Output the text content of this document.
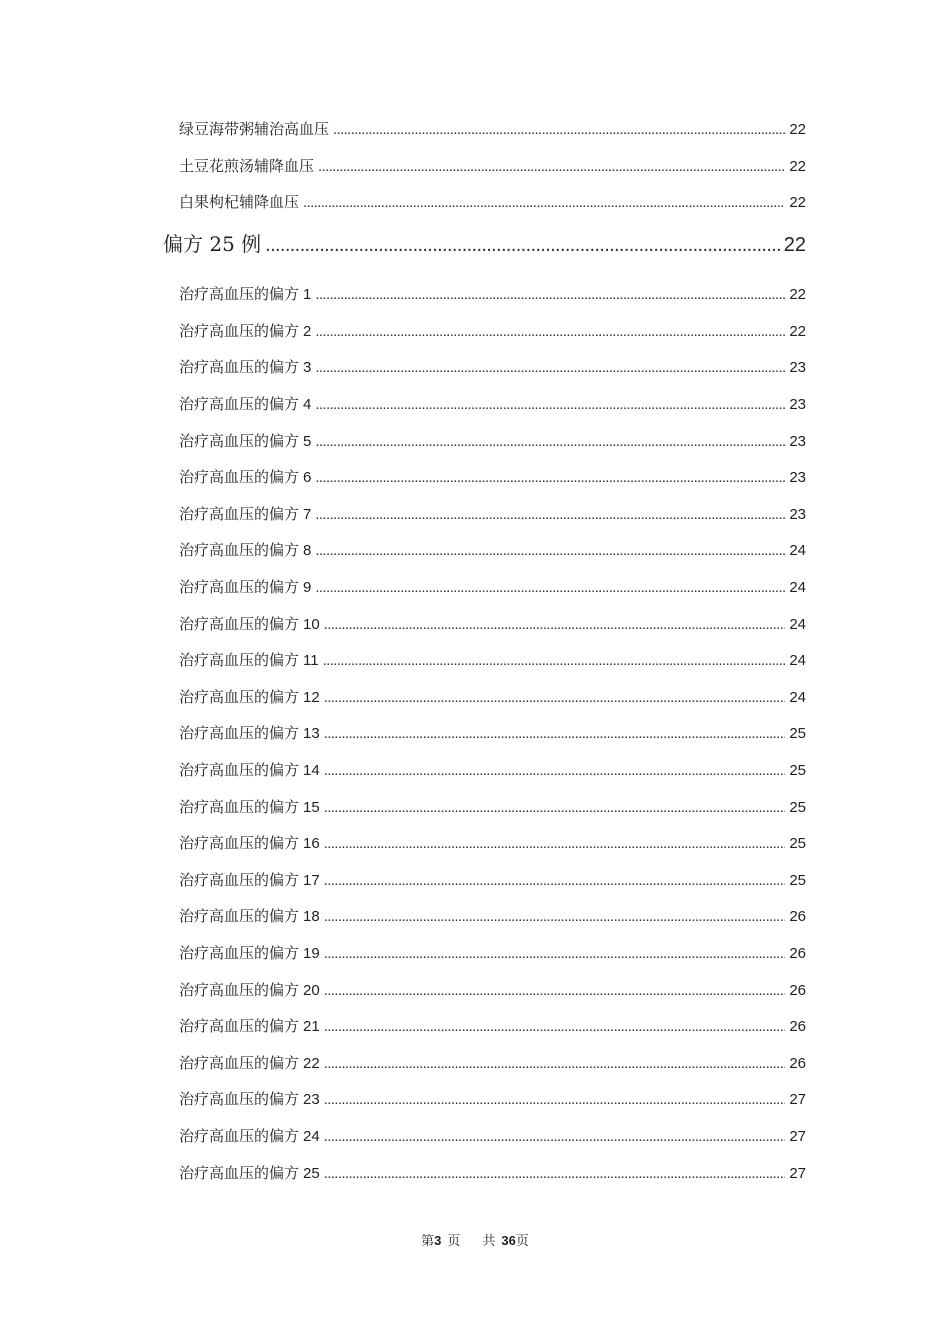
绿豆海带粥辅治高血压 . . .	22
土豆花煎汤辅降血压 . . .	22
白果枸杞辅降血压 . . .	22
偏方 25 例 . . .	22
治疗高血压的偏方 1 . . .	22
治疗高血压的偏方 2 . . .	22
治疗高血压的偏方 3 . . .	23
治疗高血压的偏方 4 . . .	23
治疗高血压的偏方 5 . . .	23
治疗高血压的偏方 6 . . .	23
治疗高血压的偏方 7 . . .	23
治疗高血压的偏方 8 . . .	24
治疗高血压的偏方 9 . . .	24
治疗高血压的偏方 10 . . .	24
治疗高血压的偏方 11 . . .	24
治疗高血压的偏方 12 . . .	24
治疗高血压的偏方 13 . . .	25
治疗高血压的偏方 14 . . .	25
治疗高血压的偏方 15 . . .	25
治疗高血压的偏方 16 . . .	25
治疗高血压的偏方 17 . . .	25
治疗高血压的偏方 18 . . .	26
治疗高血压的偏方 19 . . .	26
治疗高血压的偏方 20 . . .	26
治疗高血压的偏方 21 . . .	26
治疗高血压的偏方 22 . . .	26
治疗高血压的偏方 23 . . .	27
治疗高血压的偏方 24 . . .	27
治疗高血压的偏方 25 . . .	27
第3 页 共 36页
